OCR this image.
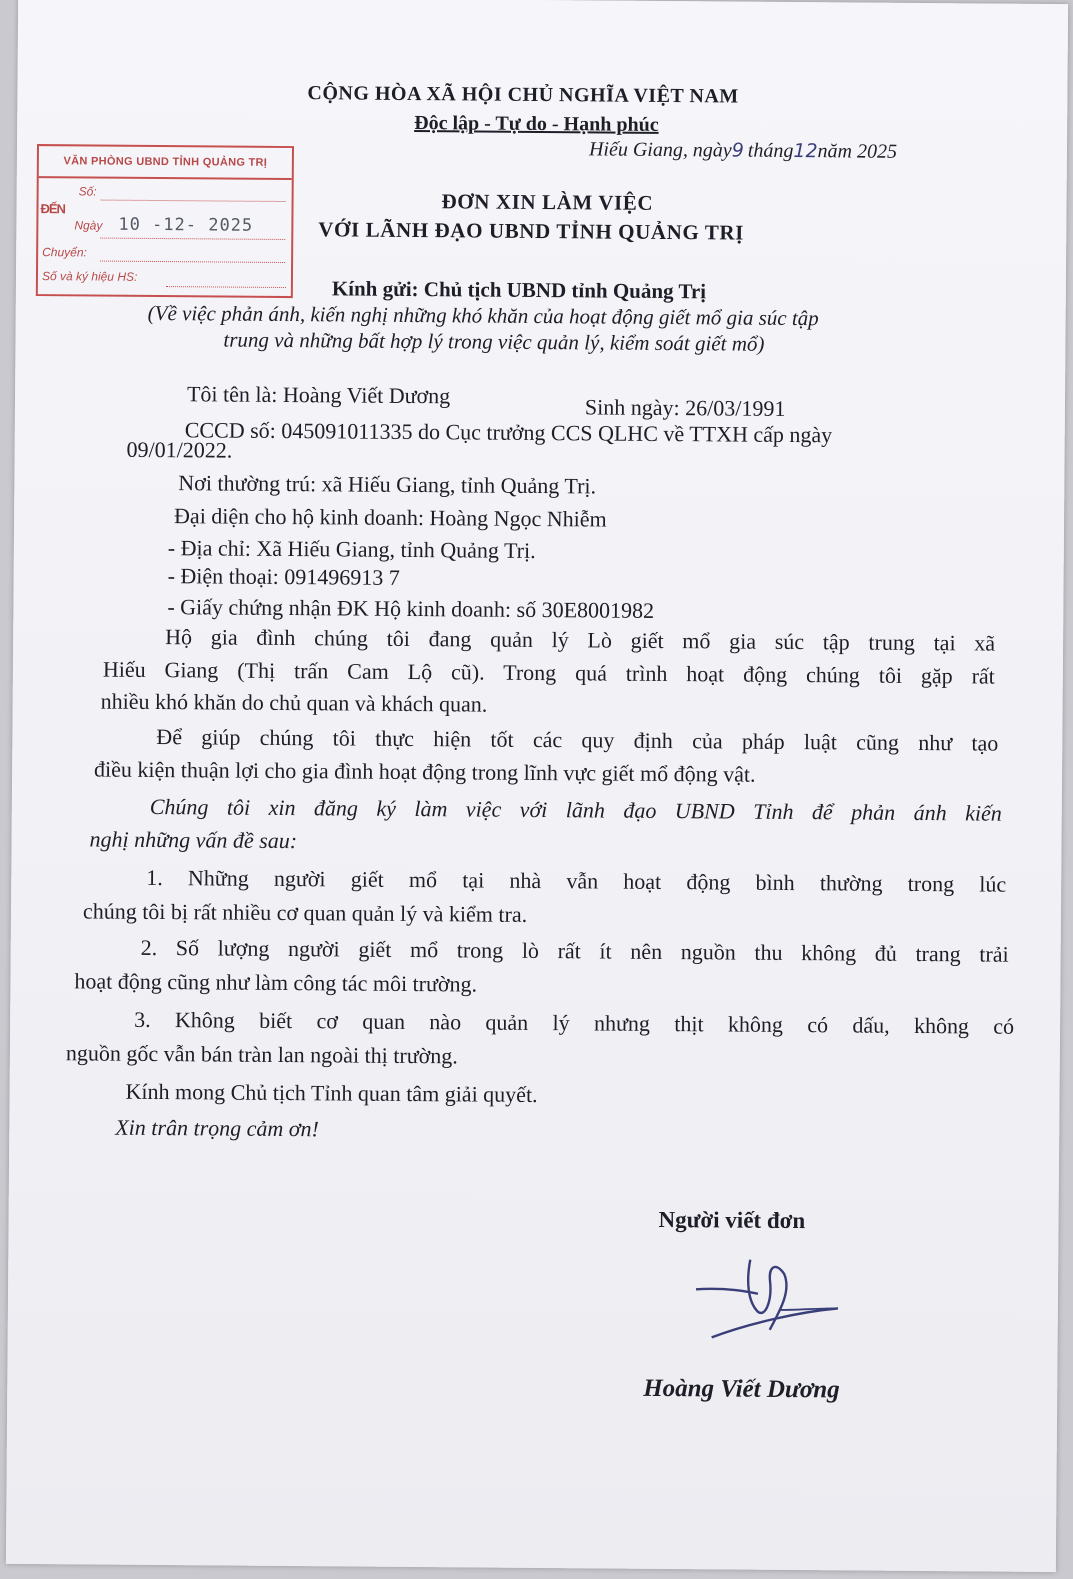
CỘNG HÒA XÃ HỘI CHỦ NGHĨA VIỆT NAM
Độc lập - Tự do - Hạnh phúc
Hiếu Giang, ngày9 tháng12năm 2025
VĂN PHÒNG UBND TỈNH QUẢNG TRỊ
Số:
ĐẾN
Ngày 10 -12- 2025
Chuyển:
Số và ký hiệu HS:
ĐƠN XIN LÀM VIỆC
VỚI LÃNH ĐẠO UBND TỈNH QUẢNG TRỊ
Kính gửi: Chủ tịch UBND tỉnh Quảng Trị
(Về việc phản ánh, kiến nghị những khó khăn của hoạt động giết mổ gia súc tập
trung và những bất hợp lý trong việc quản lý, kiểm soát giết mổ)
Tôi tên là: Hoàng Viết Dương	Sinh ngày: 26/03/1991
CCCD số: 045091011335 do Cục trưởng CCS QLHC về TTXH cấp ngày
09/01/2022.
Nơi thường trú: xã Hiếu Giang, tỉnh Quảng Trị.
Đại diện cho hộ kinh doanh: Hoàng Ngọc Nhiễm
- Địa chỉ: Xã Hiếu Giang, tỉnh Quảng Trị.
- Điện thoại: 091496913 7
- Giấy chứng nhận ĐK Hộ kinh doanh: số 30E8001982
Hộ gia đình chúng tôi đang quản lý Lò giết mổ gia súc tập trung tại xã
Hiếu Giang (Thị trấn Cam Lộ cũ). Trong quá trình hoạt động chúng tôi gặp rất
nhiều khó khăn do chủ quan và khách quan.
Để giúp chúng tôi thực hiện tốt các quy định của pháp luật cũng như tạo
điều kiện thuận lợi cho gia đình hoạt động trong lĩnh vực giết mổ động vật.
Chúng tôi xin đăng ký làm việc với lãnh đạo UBND Tỉnh để phản ánh kiến
nghị những vấn đề sau:
1. Những người giết mổ tại nhà vẫn hoạt động bình thường trong lúc
chúng tôi bị rất nhiều cơ quan quản lý và kiểm tra.
2. Số lượng người giết mổ trong lò rất ít nên nguồn thu không đủ trang trải
hoạt động cũng như làm công tác môi trường.
3. Không biết cơ quan nào quản lý nhưng thịt không có dấu, không có
nguồn gốc vẫn bán tràn lan ngoài thị trường.
Kính mong Chủ tịch Tỉnh quan tâm giải quyết.
Xin trân trọng cảm ơn!
Người viết đơn
Hoàng Viết Dương
